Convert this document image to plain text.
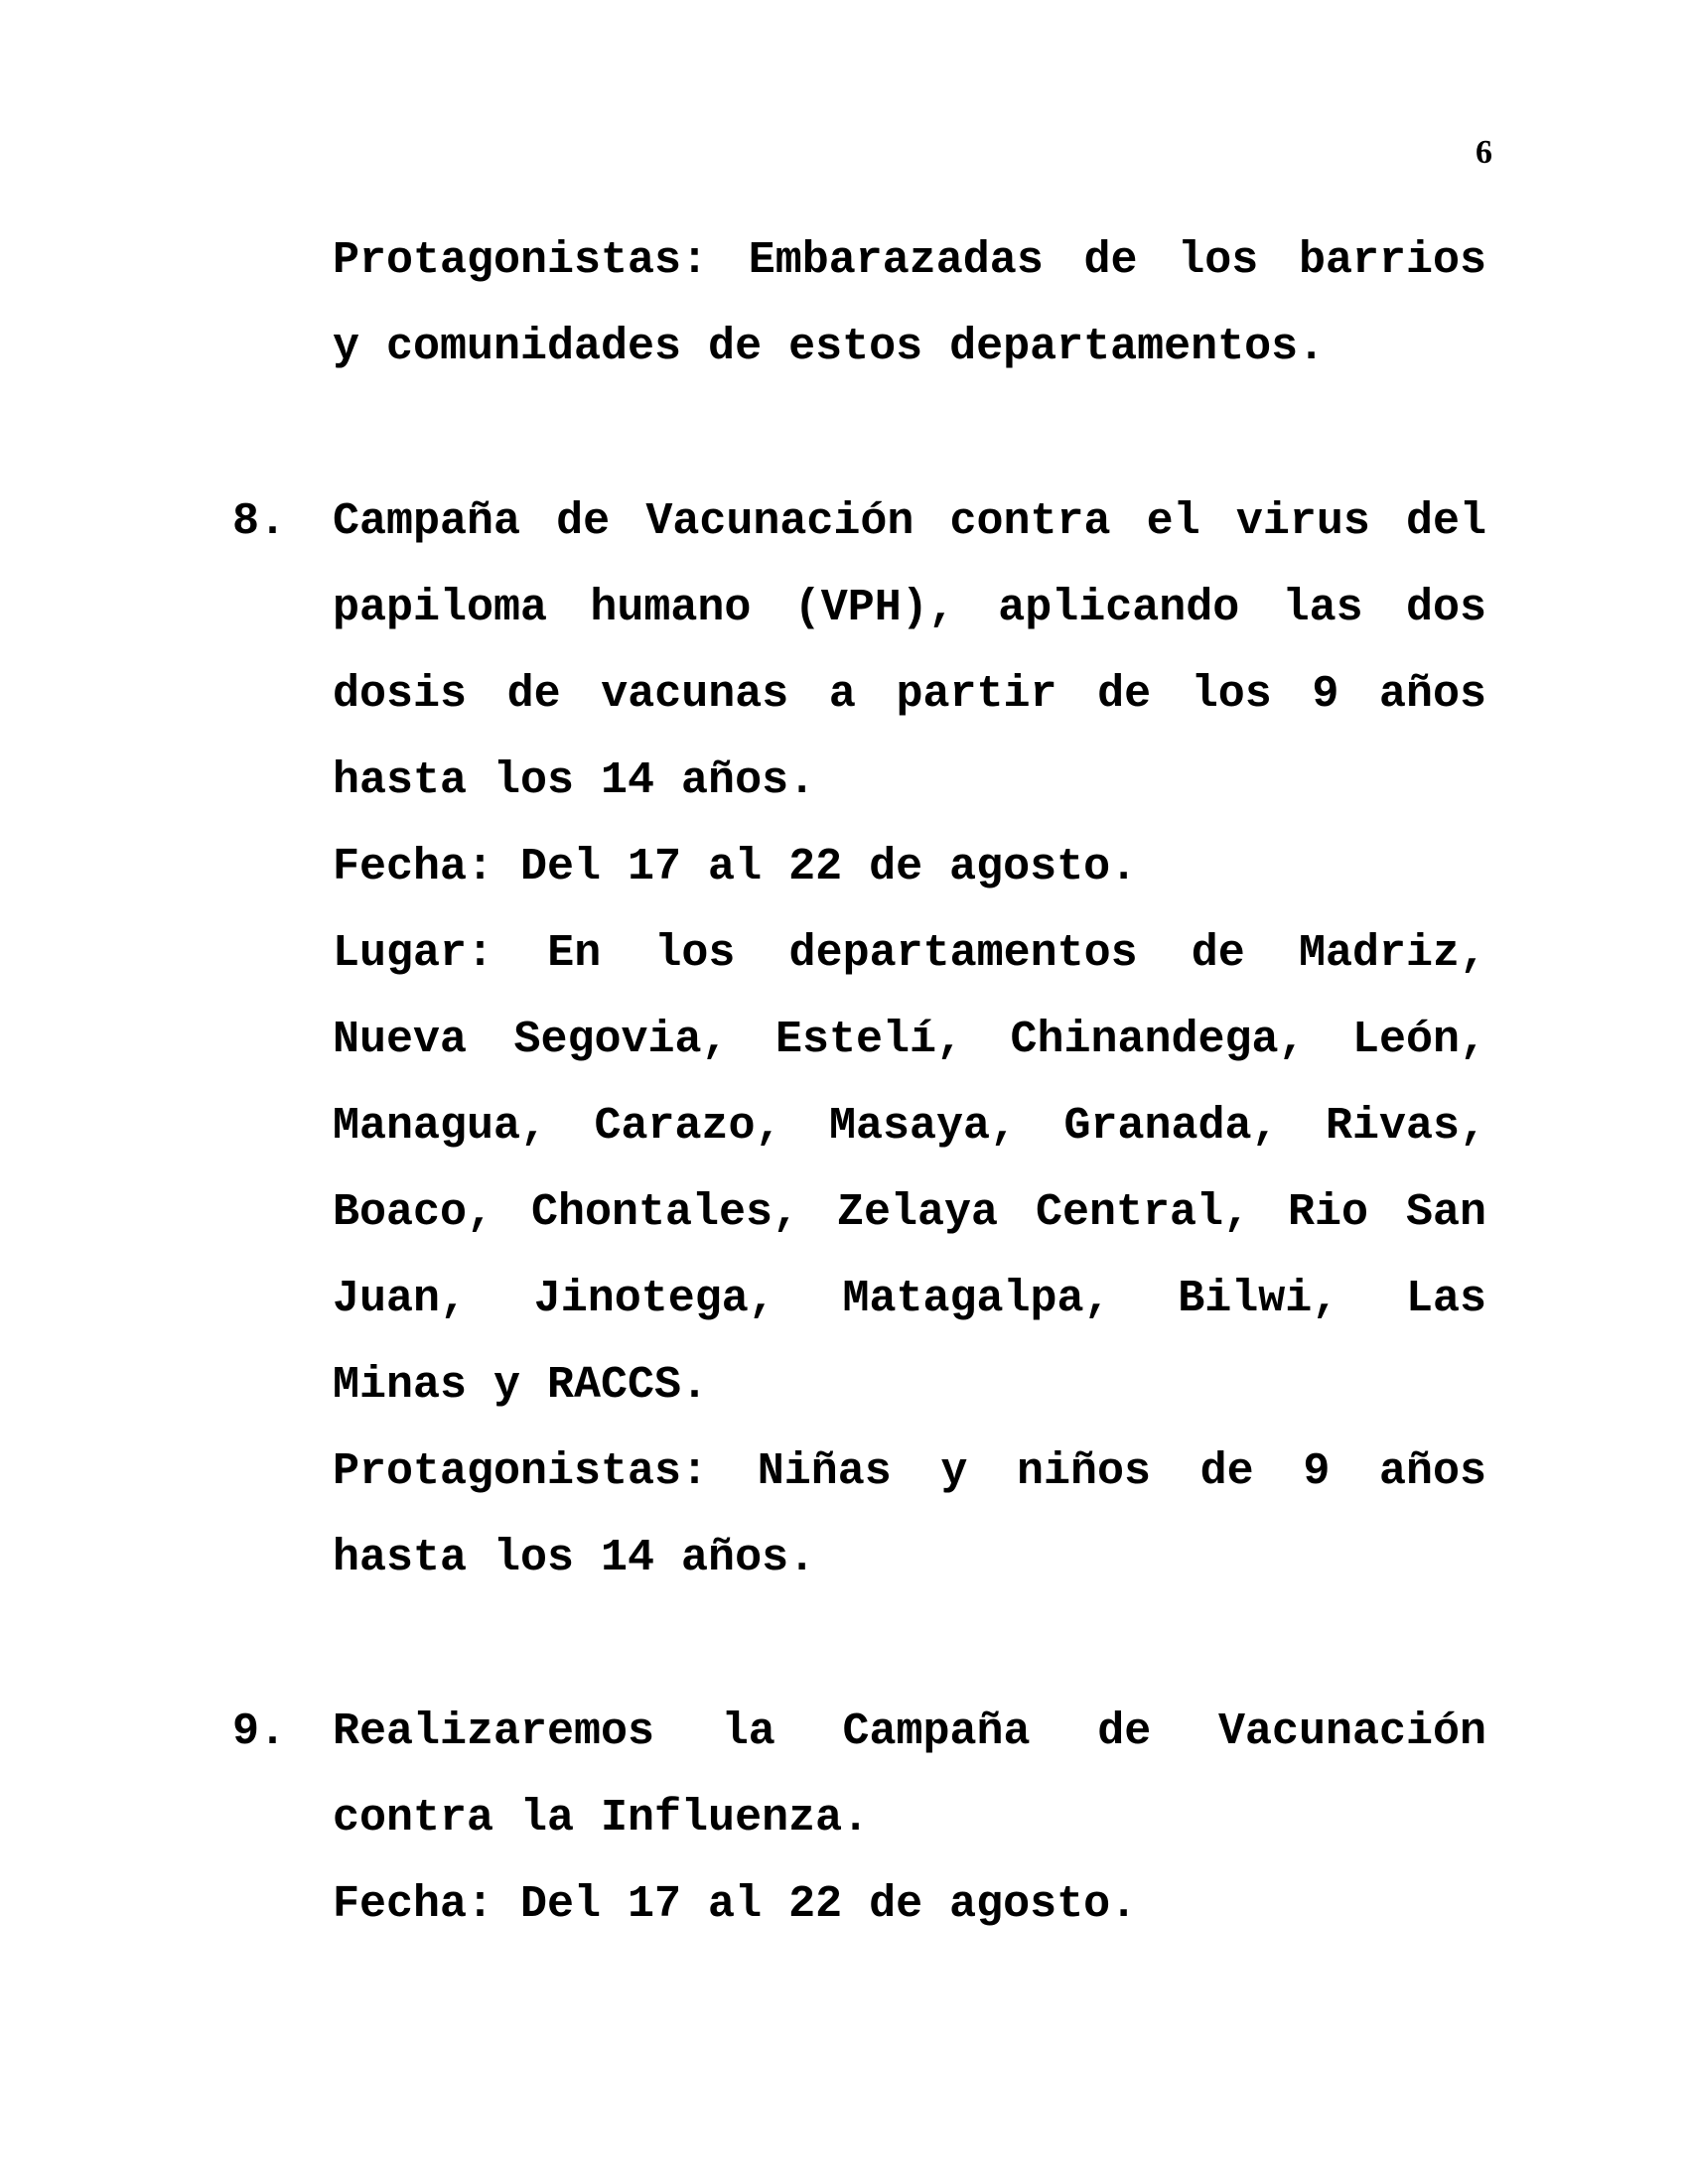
6
Protagonistas: Embarazadas de los barrios
y comunidades de estos departamentos.
8. Campaña de Vacunación contra el virus del
papiloma humano (VPH), aplicando las dos
dosis de vacunas a partir de los 9 años
hasta los 14 años.
Fecha: Del 17 al 22 de agosto.
Lugar: En los departamentos de Madriz,
Nueva Segovia, Estelí, Chinandega, León,
Managua, Carazo, Masaya, Granada, Rivas,
Boaco, Chontales, Zelaya Central, Rio San
Juan, Jinotega, Matagalpa, Bilwi, Las
Minas y RACCS.
Protagonistas: Niñas y niños de 9 años
hasta los 14 años.
9. Realizaremos la Campaña de Vacunación
contra la Influenza.
Fecha: Del 17 al 22 de agosto.
